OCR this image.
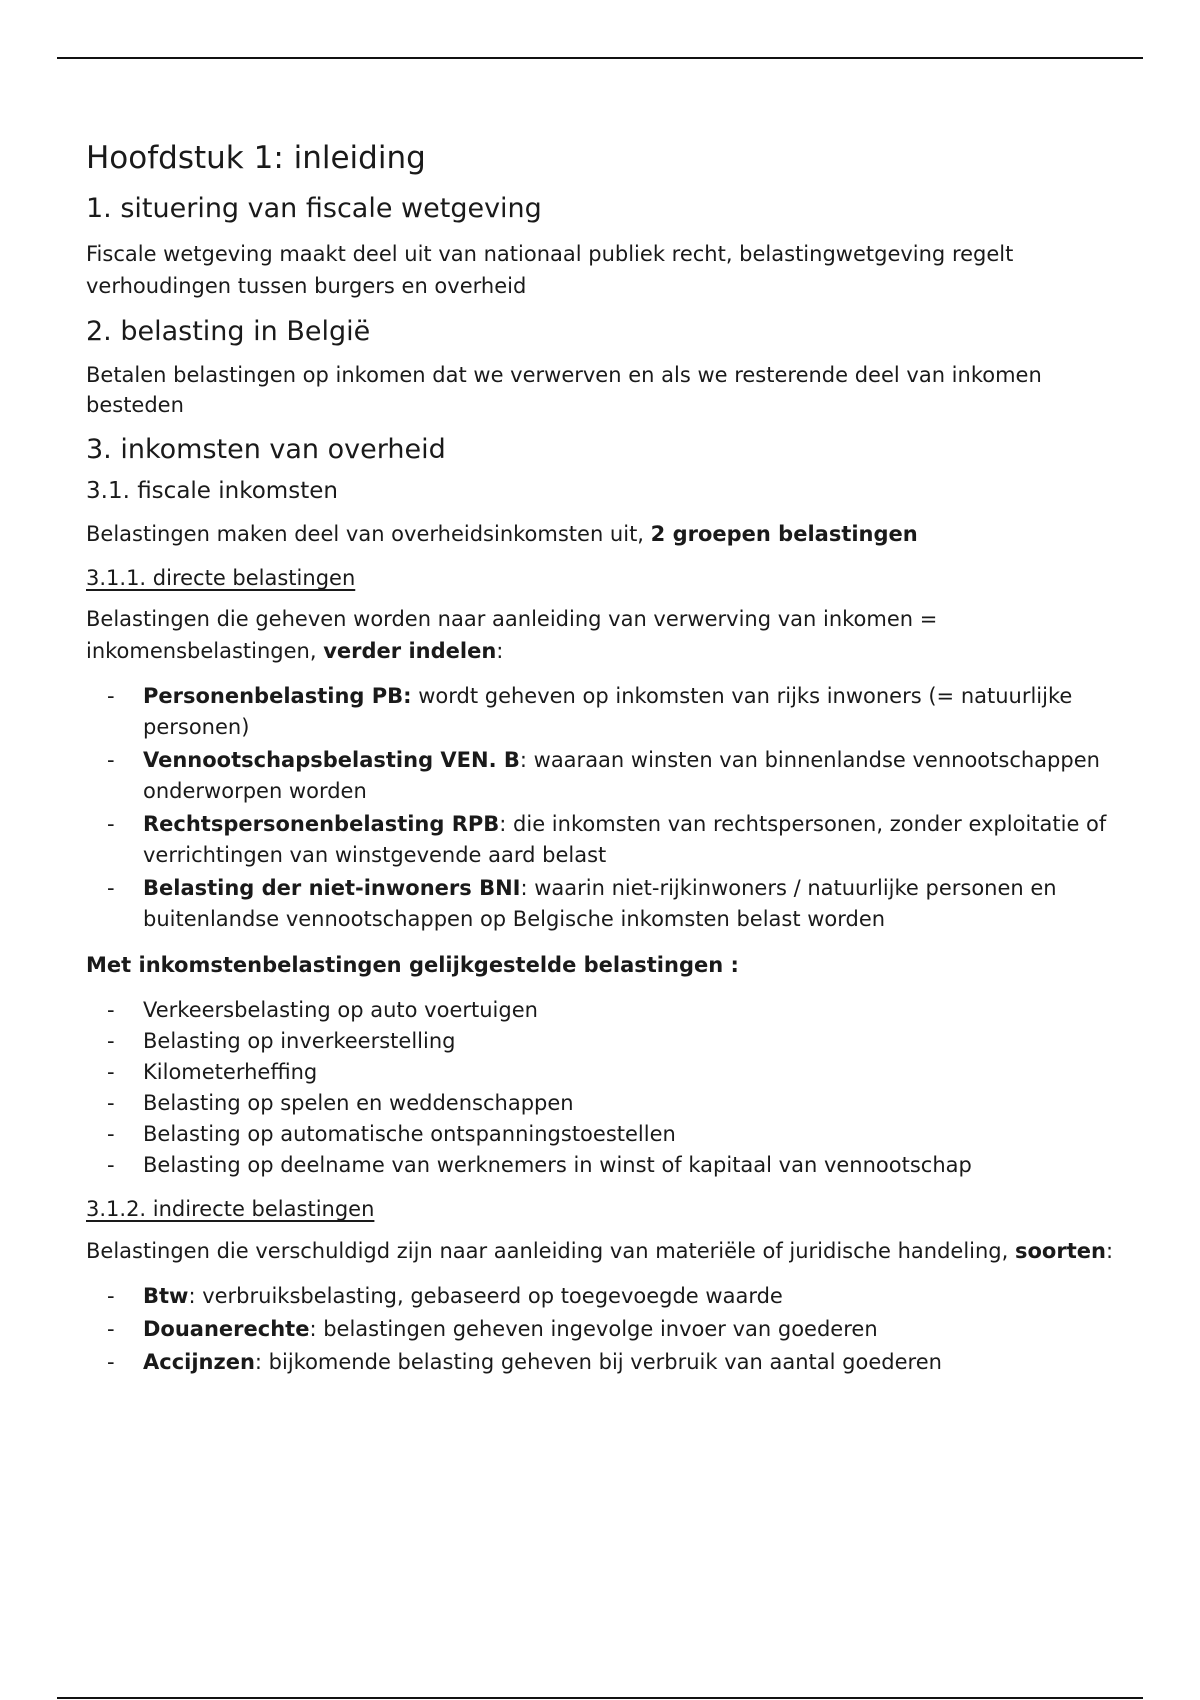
Hoofdstuk 1: inleiding
1. situering van fiscale wetgeving

Fiscale wetgeving maakt deel uit van nationaal publiek recht, belastingwetgeving regelt verhoudingen tussen burgers en overheid

2. belasting in België

Betalen belastingen op inkomen dat we verwerven en als we resterende deel van inkomen besteden

3. inkomsten van overheid
3.1. fiscale inkomsten

Belastingen maken deel van overheidsinkomsten uit, 2 groepen belastingen

3.1.1. directe belastingen

Belastingen die geheven worden naar aanleiding van verwerving van inkomen = inkomensbelastingen, verder indelen:

- Personenbelasting PB: wordt geheven op inkomsten van rijks inwoners (= natuurlijke personen)
- Vennootschapsbelasting VEN. B: waaraan winsten van binnenlandse vennootschappen onderworpen worden
- Rechtspersonenbelasting RPB: die inkomsten van rechtspersonen, zonder exploitatie of verrichtingen van winstgevende aard belast
- Belasting der niet-inwoners BNI: waarin niet-rijkinwoners / natuurlijke personen en buitenlandse vennootschappen op Belgische inkomsten belast worden

Met inkomstenbelastingen gelijkgestelde belastingen :

- Verkeersbelasting op auto voertuigen
- Belasting op inverkeerstelling
- Kilometerheffing
- Belasting op spelen en weddenschappen
- Belasting op automatische ontspanningstoestellen
- Belasting op deelname van werknemers in winst of kapitaal van vennootschap
3.1.2. indirecte belastingen

Belastingen die verschuldigd zijn naar aanleiding van materiële of juridische handeling, soorten:

- Btw: verbruiksbelasting, gebaseerd op toegevoegde waarde
- Douanerechte: belastingen geheven ingevolge invoer van goederen
- Accijnzen: bijkomende belasting geheven bij verbruik van aantal goederen
